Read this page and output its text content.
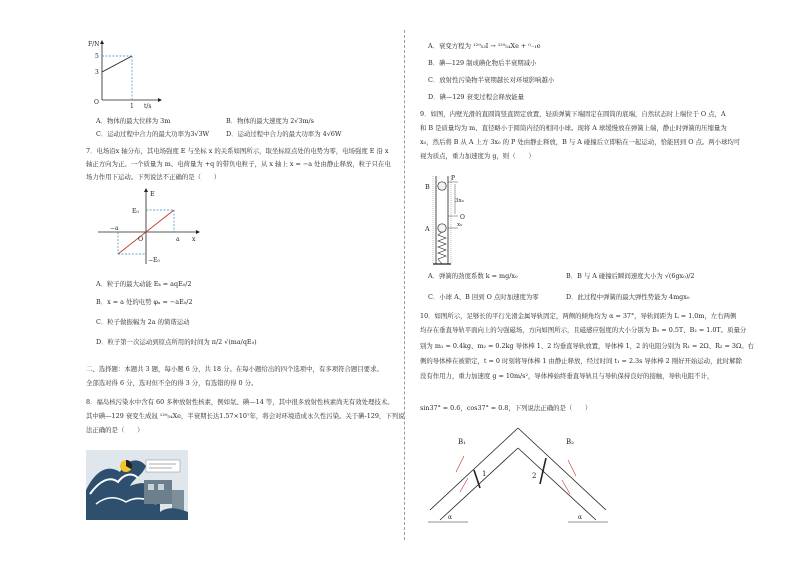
F/N
5
3
O
1 t/s
A．物体的最大位移为 3m	B．物体的最大速度为 2√3m/s
C．运动过程中合力的最大功率为3√3W	D．运动过程中合力的最大功率为 4√6W
7．电场沿x 轴分布，其电场强度 E 与坐标 x 的关系如图所示，取坐标原点处的电势为零，电场强度 E 沿 x
轴正方向为正。一个质量为 m、电荷量为 +q 的带负电粒子，从 x 轴上 x = −a 处由静止释放，粒子只在电
场力作用下运动。下列说法不正确的是（　　）
E
E₀
−E₀
−a
O	a x
A．粒子的最大动能 Eₖ = aqE₀/2
B．x = a 处的电势 φₐ = −aE₀/2
C．粒子做振幅为 2a 的简谐运动
D．粒子第一次运动到原点所用的时间为 π/2 √(ma/qE₀)
二、选择题：本题共 3 题，每小题 6 分，共 18 分。在每小题给出的四个选项中，有多项符合题目要求。
全部选对得 6 分，选对但不全的得 3 分，有选错的得 0 分。
8．福岛核污染水中含有 60 多种放射性核素，例如氚、碘—14 等，其中很多放射性核素尚无有效处理技术。
其中碘—129 衰变生成氙 ¹²⁹₅₄Xe，半衰期长达1.57×10⁷年，将会对环境造成永久性污染。关于碘-129，下列说
法正确的是（　　）
A．衰变方程为 ¹²⁹₅₃I → ¹²⁹₅₄Xe + ⁰₋₁e
B．碘—129 制成碘化物后半衰期减小
C．放射性污染物半衰期越长对环境影响越小
D．碘—129 衰变过程会释放能量
9．如图，内壁光滑的直圆筒竖直固定放置，轻质弹簧下端固定在圆筒的底端，自然状态时上端位于 O 点，A
和 B 是质量均为 m、直径略小于圆筒内径的相同小球。现将 A 球缓慢放在弹簧上端，静止时弹簧的压缩量为
x₀，然后将 B 从 A 上方 3x₀ 的 P 处由静止释放，B 与 A 碰撞后立即粘在一起运动，恰能回到 O 点。两小球均可
视为质点，重力加速度为 g，则（　　）
B
P
3x₀
O
A	x₀
A．弹簧的劲度系数 k = mg/x₀	B．B 与 A 碰撞后瞬间速度大小为 √(6gx₀)/2
C．小球 A、B 回到 O 点时加速度为零	D．此过程中弹簧的最大弹性势能为 4mgx₀
10．如图所示，足够长的平行光滑金属导轨固定，两侧的倾角均为 α = 37°，导轨间距为 L = 1.0m，左右两侧
均存在垂直导轨平面向上的匀强磁场，方向如图所示，且磁感应强度的大小分别为 B₁ = 0.5T、B₂ = 1.0T。质量分
别为 m₁ = 0.4kg、m₂ = 0.2kg 导体棒 1、2 均垂直导轨放置，导体棒 1，2 的电阻分别为 R₁ = 2Ω、R₂ = 3Ω。右
侧的导体棒在被锁定，t = 0 时刻将导体棒 1 由静止释放，经过时间 t₁ = 2.3s 导体棒 2 刚好开始运动，此时解除
没有作用力，重力加速度 g = 10m/s²，导体棒始终垂直导轨且与导轨保持良好的接触，导轨电阻不计，
sin37° = 0.6，cos37° = 0.8，下列说法正确的是（　　）
B₁	B₂
1	2
α	α
